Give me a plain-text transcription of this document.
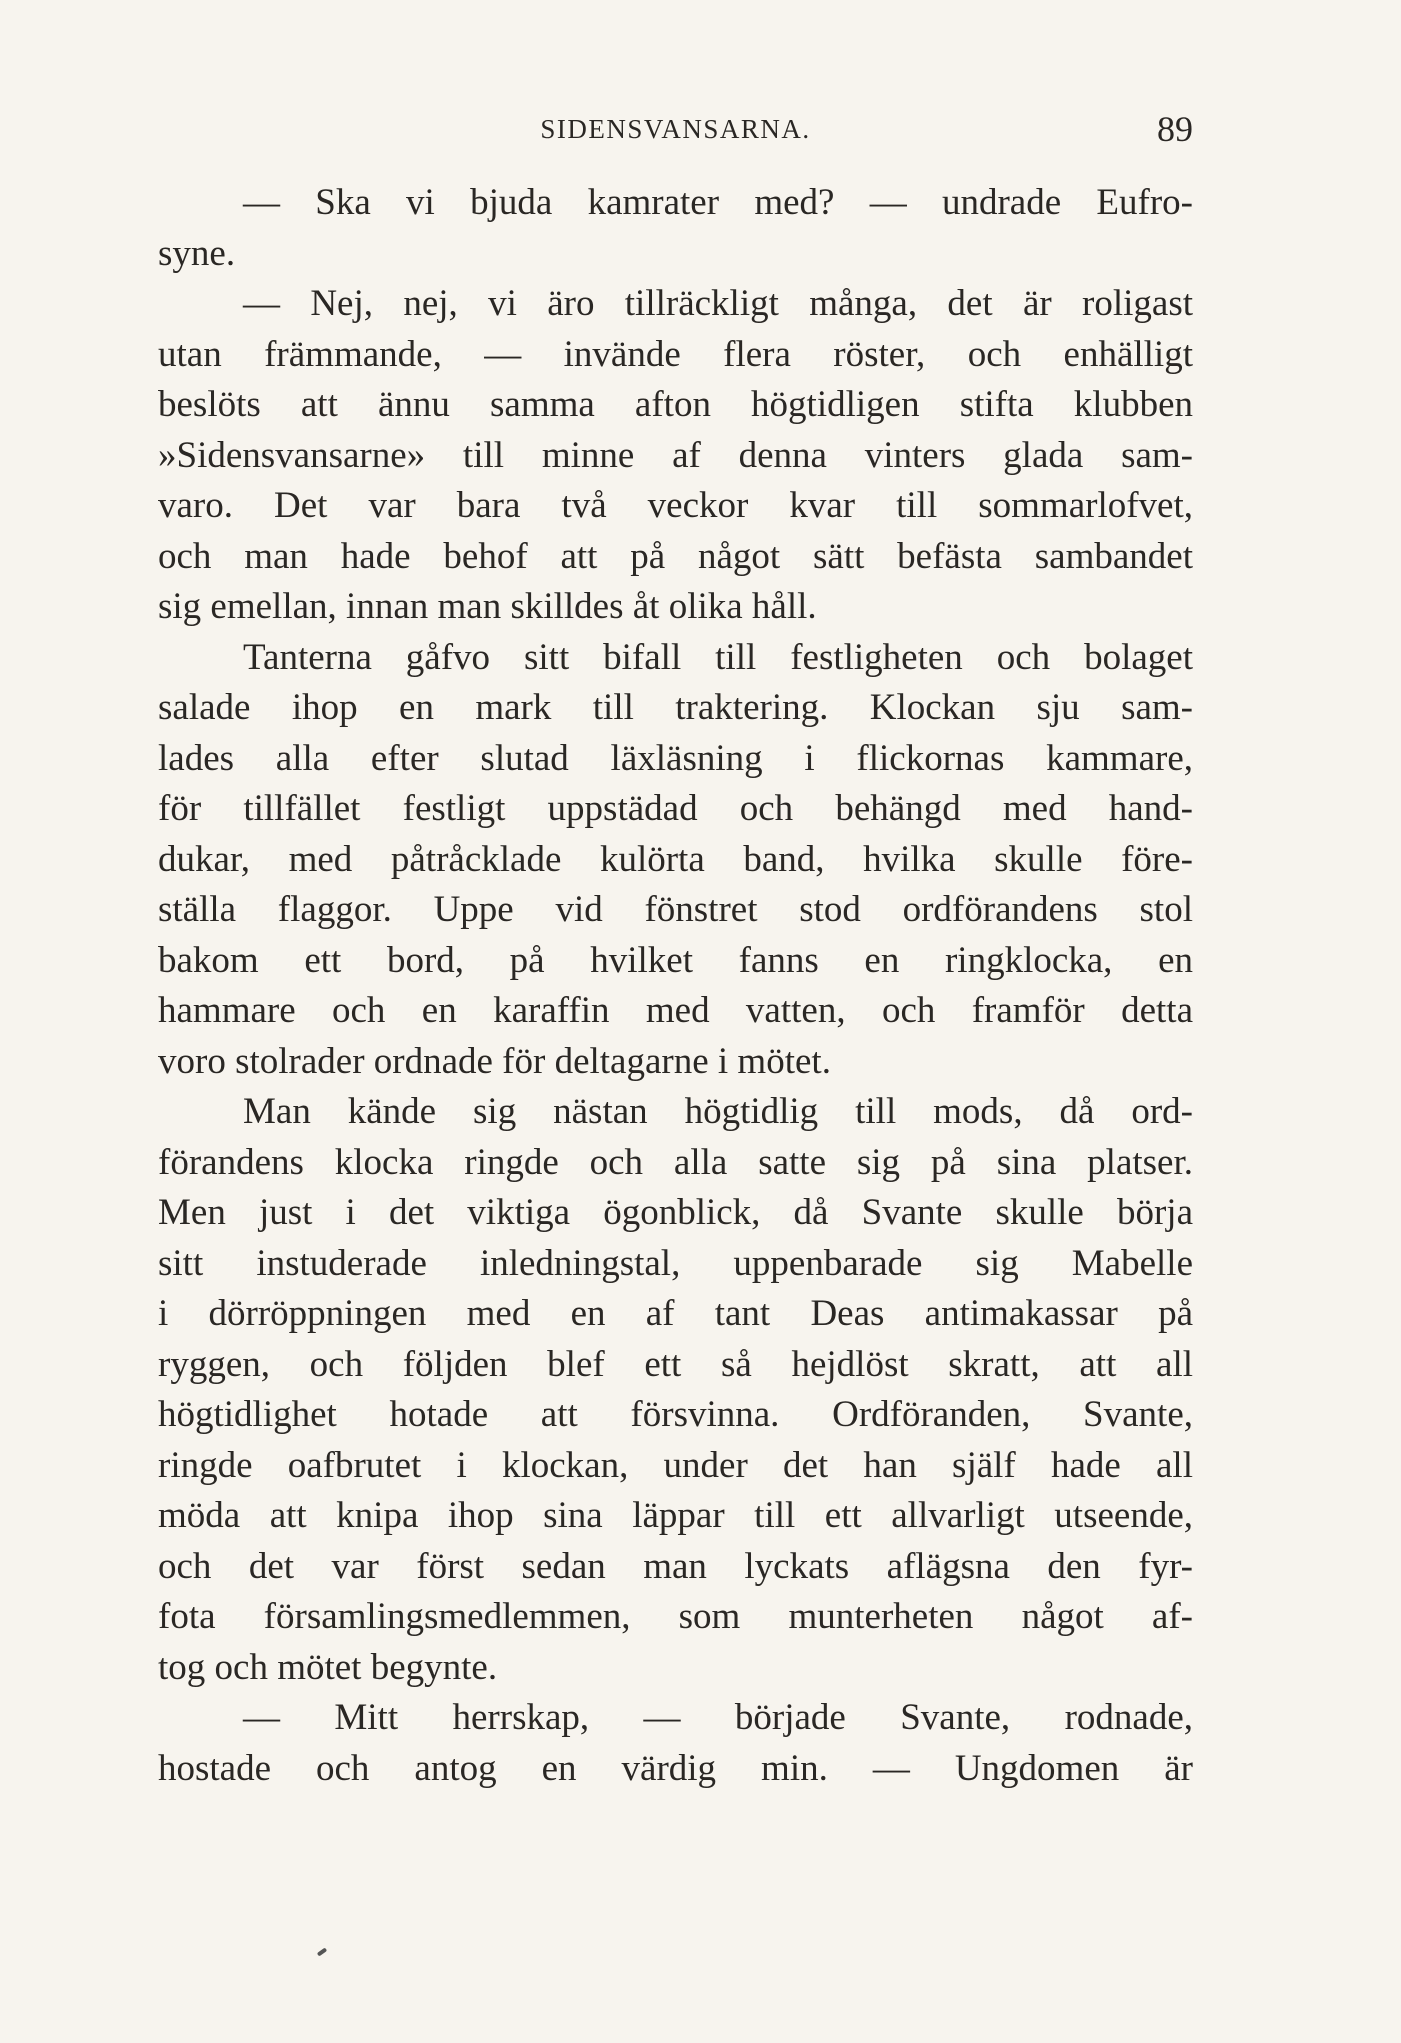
SIDENSVANSARNA.	89
— Ska vi bjuda kamrater med? — undrade Eufro-
syne.
— Nej, nej, vi äro tillräckligt många, det är roligast
utan främmande, — invände flera röster, och enhälligt
beslöts att ännu samma afton högtidligen stifta klubben
»Sidensvansarne» till minne af denna vinters glada sam-
varo. Det var bara två veckor kvar till sommarlofvet,
och man hade behof att på något sätt befästa sambandet
sig emellan, innan man skilldes åt olika håll.
Tanterna gåfvo sitt bifall till festligheten och bolaget
salade ihop en mark till traktering. Klockan sju sam-
lades alla efter slutad läxläsning i flickornas kammare,
för tillfället festligt uppstädad och behängd med hand-
dukar, med påtråcklade kulörta band, hvilka skulle före-
ställa flaggor. Uppe vid fönstret stod ordförandens stol
bakom ett bord, på hvilket fanns en ringklocka, en
hammare och en karaffin med vatten, och framför detta
voro stolrader ordnade för deltagarne i mötet.
Man kände sig nästan högtidlig till mods, då ord-
förandens klocka ringde och alla satte sig på sina platser.
Men just i det viktiga ögonblick, då Svante skulle börja
sitt instuderade inledningstal, uppenbarade sig Mabelle
i dörröppningen med en af tant Deas antimakassar på
ryggen, och följden blef ett så hejdlöst skratt, att all
högtidlighet hotade att försvinna. Ordföranden, Svante,
ringde oafbrutet i klockan, under det han själf hade all
möda att knipa ihop sina läppar till ett allvarligt utseende,
och det var först sedan man lyckats aflägsna den fyr-
fota församlingsmedlemmen, som munterheten något af-
tog och mötet begynte.
— Mitt herrskap, — började Svante, rodnade,
hostade och antog en värdig min. — Ungdomen är
